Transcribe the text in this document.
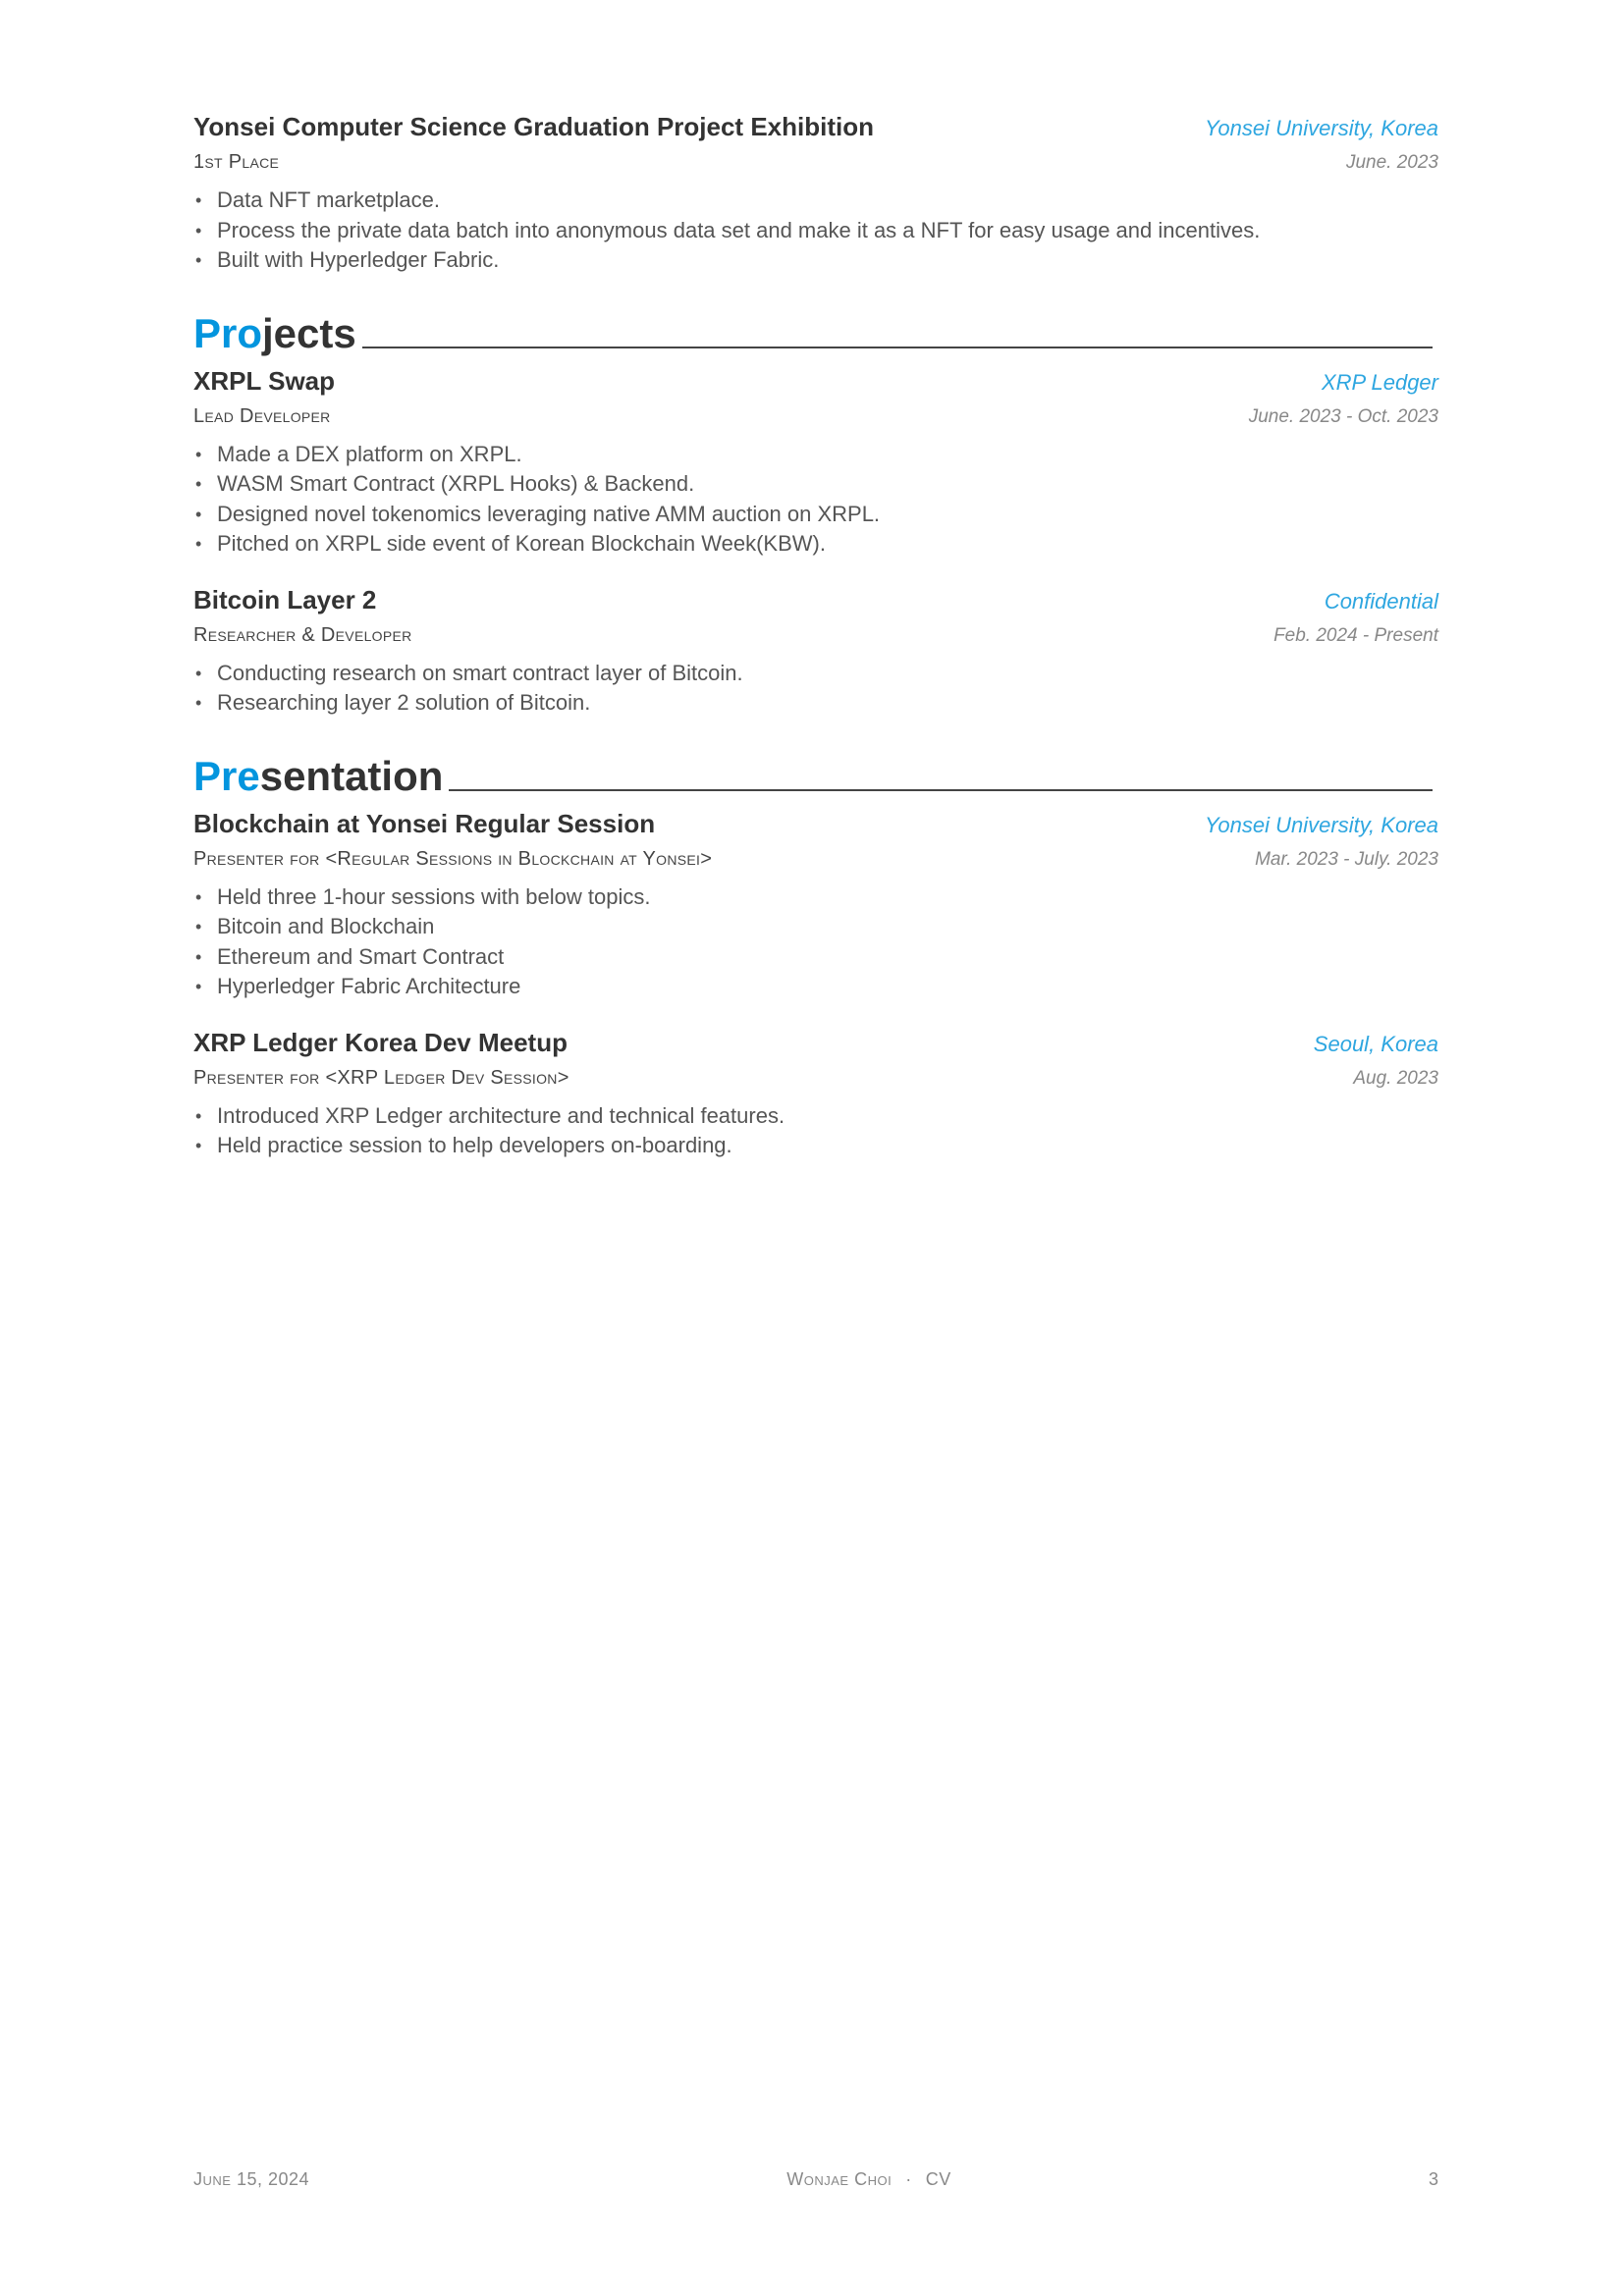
Yonsei Computer Science Graduation Project Exhibition	Yonsei University, Korea
1st Place	June. 2023
• Data NFT marketplace.
• Process the private data batch into anonymous data set and make it as a NFT for easy usage and incentives.
• Built with Hyperledger Fabric.
Projects
XRPL Swap	XRP Ledger
Lead Developer	June. 2023 - Oct. 2023
• Made a DEX platform on XRPL.
• WASM Smart Contract (XRPL Hooks) & Backend.
• Designed novel tokenomics leveraging native AMM auction on XRPL.
• Pitched on XRPL side event of Korean Blockchain Week(KBW).
Bitcoin Layer 2	Confidential
Researcher & Developer	Feb. 2024 - Present
• Conducting research on smart contract layer of Bitcoin.
• Researching layer 2 solution of Bitcoin.
Presentation
Blockchain at Yonsei Regular Session	Yonsei University, Korea
Presenter for <Regular Sessions in Blockchain at Yonsei>	Mar. 2023 - July. 2023
• Held three 1-hour sessions with below topics.
• Bitcoin and Blockchain
• Ethereum and Smart Contract
• Hyperledger Fabric Architecture
XRP Ledger Korea Dev Meetup	Seoul, Korea
Presenter for <XRP Ledger Dev Session>	Aug. 2023
• Introduced XRP Ledger architecture and technical features.
• Held practice session to help developers on-boarding.
June 15, 2024	Wonjae Choi · CV	3
